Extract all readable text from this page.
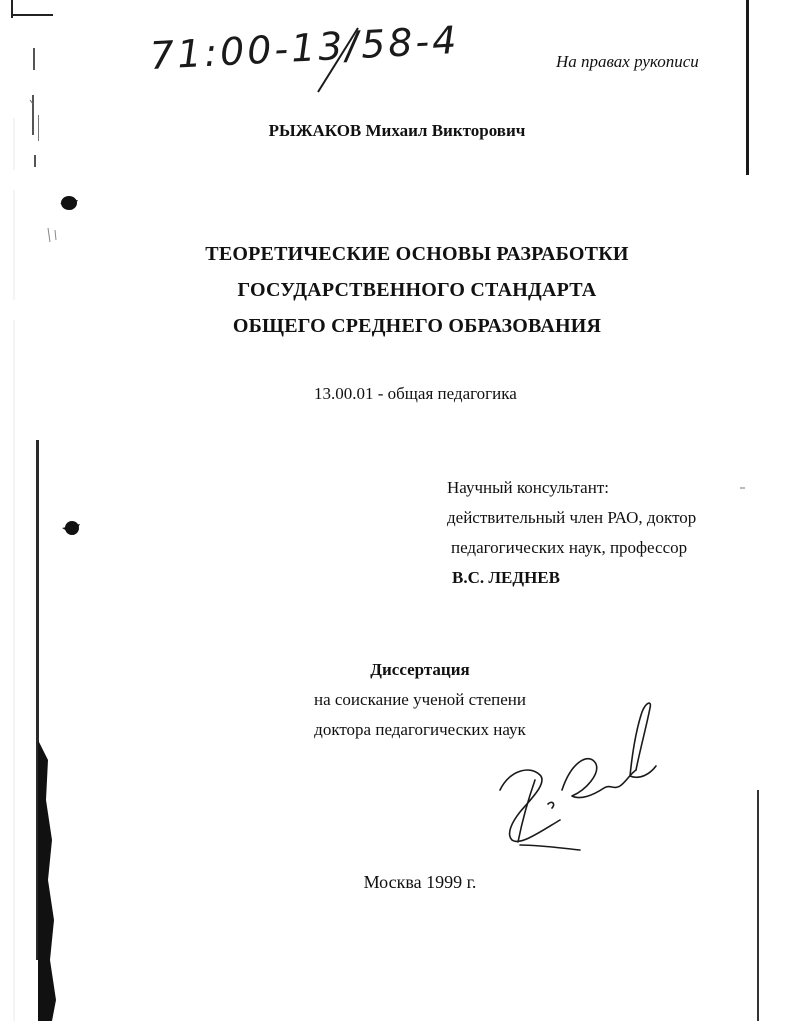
71:00-13/58-4	На правах рукописи
РЫЖАКОВ Михаил Викторович
ТЕОРЕТИЧЕСКИЕ ОСНОВЫ РАЗРАБОТКИ
ГОСУДАРСТВЕННОГО СТАНДАРТА
ОБЩЕГО СРЕДНЕГО ОБРАЗОВАНИЯ
13.00.01 - общая педагогика
Научный консультант:
действительный член РАО, доктор
педагогических наук, профессор
В.С. ЛЕДНЕВ
Диссертация
на соискание ученой степени
доктора педагогических наук
Москва 1999 г.
